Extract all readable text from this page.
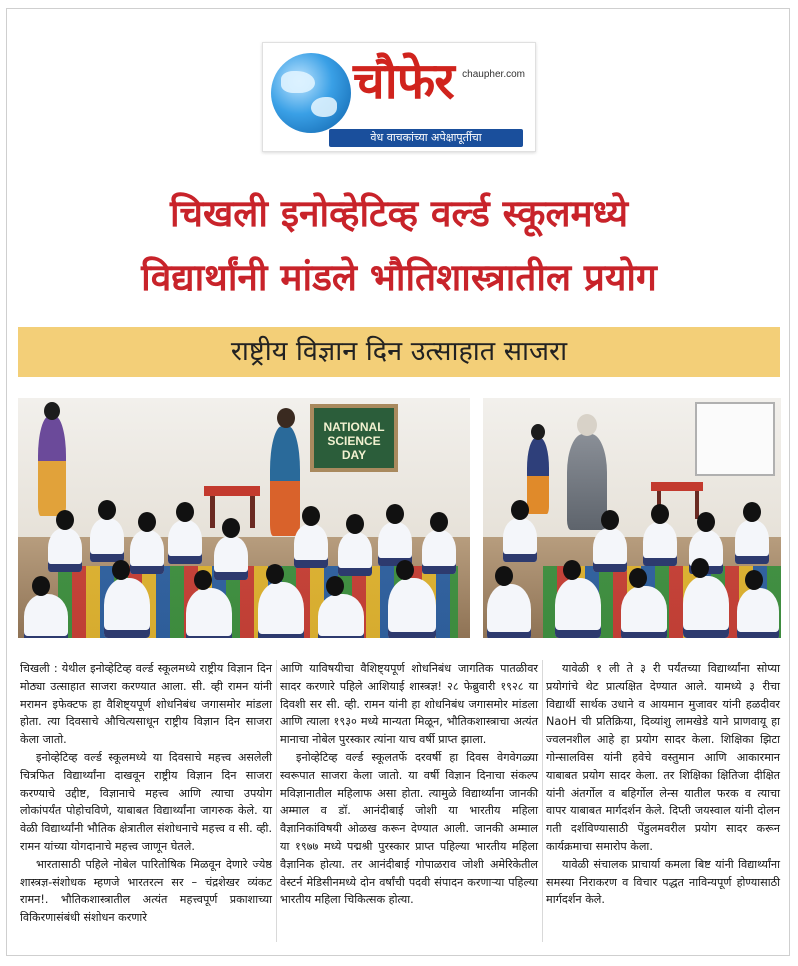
चौफेर chaupher.com
वेध वाचकांच्या अपेक्षापूर्तीचा
चिखली इनोव्हेटिव्ह वर्ल्ड स्कूलमध्ये
विद्यार्थांनी मांडले भौतिशास्त्रातील प्रयोग
राष्ट्रीय विज्ञान दिन उत्साहात साजरा
NATIONAL SCIENCE DAY

चिखली : येथील इनोव्हेटिव्ह वर्ल्ड स्कूलमध्ये राष्ट्रीय विज्ञान दिन मोठ्या उत्साहात साजरा करण्यात आला. सी. व्ही रामन यांनी मरामन इफेक्टफ हा वैशिष्ट्यपूर्ण शोधनिबंध जगासमोर मांडला होता. त्या दिवसाचे औचित्यसाधून राष्ट्रीय विज्ञान दिन साजरा केला जातो.

इनोव्हेटिव्ह वर्ल्ड स्कूलमध्ये या दिवसाचे महत्त्व असलेली चित्रफित विद्यार्थ्यांना दाखवून राष्ट्रीय विज्ञान दिन साजरा करण्याचे उद्दीष्ट, विज्ञानाचे महत्त्व आणि त्याचा उपयोग लोकांपर्यंत पोहोचविणे, याबाबत विद्यार्थ्यांना जागरुक केले. या वेळी विद्यार्थ्यांनी भौतिक क्षेत्रातील संशोधनाचे महत्त्व व सी. व्ही. रामन यांच्या योगदानाचे महत्त्व जाणून घेतले.

भारतासाठी पहिले नोबेल पारितोषिक मिळवून देणारे ज्येष्ठ शास्त्रज्ञ-संशोधक म्हणजे भारतरत्न सर – चंद्रशेखर व्यंकट रामन!. भौतिकशास्त्रातील अत्यंत महत्त्वपूर्ण प्रकाशाच्या विकिरणासंबंधी संशोधन करणारे

आणि याविषयीचा वैशिष्ट्यपूर्ण शोधनिबंध जागतिक पातळीवर सादर करणारे पहिले आशियाई शास्त्रज्ञ! २८ फेब्रुवारी १९२८ या दिवशी सर सी. व्ही. रामन यांनी हा शोधनिबंध जगासमोर मांडला आणि त्याला १९३० मध्ये मान्यता मिळून, भौतिकशास्त्राचा अत्यंत मानाचा नोबेल पुरस्कार त्यांना याच वर्षी प्राप्त झाला.

इनोव्हेटिव्ह वर्ल्ड स्कूलतर्फे दरवर्षी हा दिवस वेगवेगळ्या स्वरूपात साजरा केला जातो. या वर्षी विज्ञान दिनाचा संकल्प मविज्ञानातील महिलाफ असा होता. त्यामुळे विद्यार्थ्यांना जानकी अम्माल व डॉ. आनंदीबाई जोशी या भारतीय महिला वैज्ञानिकांविषयी ओळख करून देण्यात आली. जानकी अम्माल या १९७७ मध्ये पद्मश्री पुरस्कार प्राप्त पहिल्या भारतीय महिला वैज्ञानिक होत्या. तर आनंदीबाई गोपाळराव जोशी अमेरिकेतील वेस्टर्न मेडिसीनमध्ये दोन वर्षांची पदवी संपादन करणार्‍या पहिल्या भारतीय महिला चिकित्सक होत्या.

यावेळी १ ली ते ३ री पर्यंतच्या विद्यार्थ्यांना सोप्या प्रयोगांचे थेट प्रात्यक्षित देण्यात आले. यामध्ये ३ रीचा विद्यार्थी सार्थक उधाने व आयमान मुजावर यांनी हळदीवर NaoH ची प्रतिक्रिया, दिव्यांशु लामखेडे याने प्राणवायू हा ज्वलनशील आहे हा प्रयोग सादर केला. शिक्षिका झिटा गोन्सालविस यांनी हवेचे वस्तुमान आणि आकारमान याबाबत प्रयोग सादर केला. तर शिक्षिका क्षितिजा दीक्षित यांनी अंतर्गोल व बहिर्गोल लेन्स यातील फरक व त्याचा वापर याबाबत मार्गदर्शन केले. दिप्ती जयस्वाल यांनी दोलन गती दर्शविण्यासाठी पेंडुलमवरील प्रयोग सादर करून कार्यक्रमाचा समारोप केला.

यावेळी संचालक प्राचार्या कमला बिष्ट यांनी विद्यार्थ्यांना समस्या निराकरण व विचार पद्धत नाविन्यपूर्ण होण्यासाठी मार्गदर्शन केले.
